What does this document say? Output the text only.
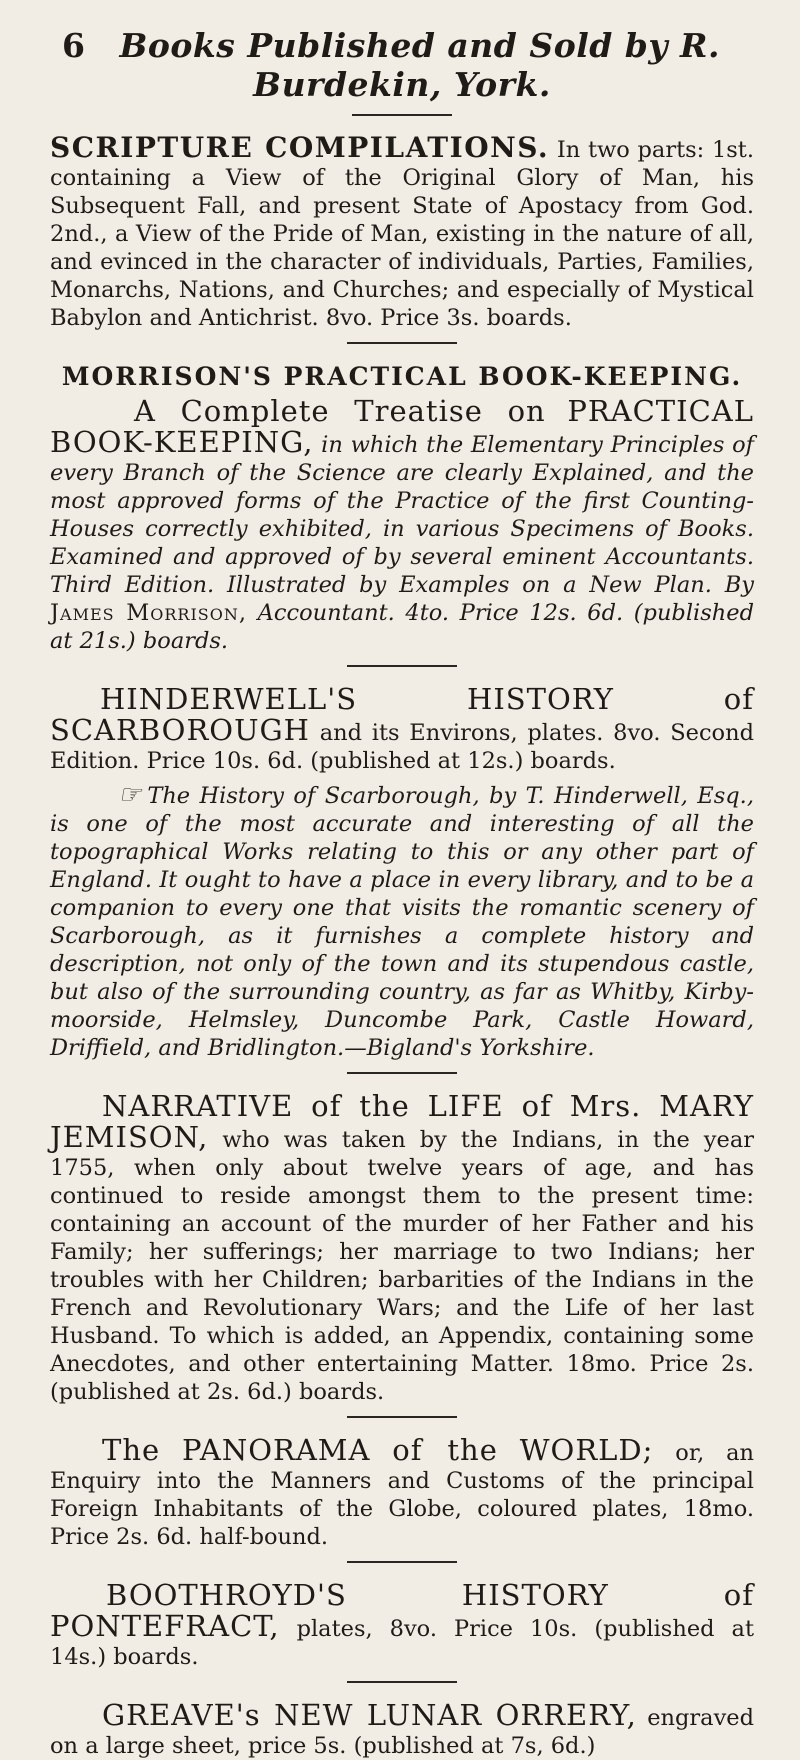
6 Books Published and Sold by R. Burdekin, York.

SCRIPTURE COMPILATIONS. In two parts: 1st. containing a View of the Original Glory of Man, his Subsequent Fall, and present State of Apostacy from God. 2nd., a View of the Pride of Man, existing in the nature of all, and evinced in the character of individuals, Parties, Families, Monarchs, Nations, and Churches; and especially of Mystical Babylon and Antichrist. 8vo. Price 3s. boards.

MORRISON'S PRACTICAL BOOK-KEEPING.

A Complete Treatise on PRACTICAL BOOK-KEEPING, in which the Elementary Principles of every Branch of the Science are clearly Explained, and the most approved forms of the Practice of the first Counting-Houses correctly exhibited, in various Specimens of Books. Examined and approved of by several eminent Accountants. Third Edition. Illustrated by Examples on a New Plan. By James Morrison, Accountant. 4to. Price 12s. 6d. (published at 21s.) boards.

HINDERWELL'S HISTORY of SCARBOROUGH and its Environs, plates. 8vo. Second Edition. Price 10s. 6d. (published at 12s.) boards.

☞ The History of Scarborough, by T. Hinderwell, Esq., is one of the most accurate and interesting of all the topographical Works relating to this or any other part of England. It ought to have a place in every library, and to be a companion to every one that visits the romantic scenery of Scarborough, as it furnishes a complete history and description, not only of the town and its stupendous castle, but also of the surrounding country, as far as Whitby, Kirby-moorside, Helmsley, Duncombe Park, Castle Howard, Driffield, and Bridlington.—Bigland's Yorkshire.

NARRATIVE of the LIFE of Mrs. MARY JEMISON, who was taken by the Indians, in the year 1755, when only about twelve years of age, and has continued to reside amongst them to the present time: containing an account of the murder of her Father and his Family; her sufferings; her marriage to two Indians; her troubles with her Children; barbarities of the Indians in the French and Revolutionary Wars; and the Life of her last Husband. To which is added, an Appendix, containing some Anecdotes, and other entertaining Matter. 18mo. Price 2s. (published at 2s. 6d.) boards.

The PANORAMA of the WORLD; or, an Enquiry into the Manners and Customs of the principal Foreign Inhabitants of the Globe, coloured plates, 18mo. Price 2s. 6d. half-bound.

BOOTHROYD'S HISTORY of PONTEFRACT, plates, 8vo. Price 10s. (published at 14s.) boards.

GREAVE's NEW LUNAR ORRERY, engraved on a large sheet, price 5s. (published at 7s, 6d.)
